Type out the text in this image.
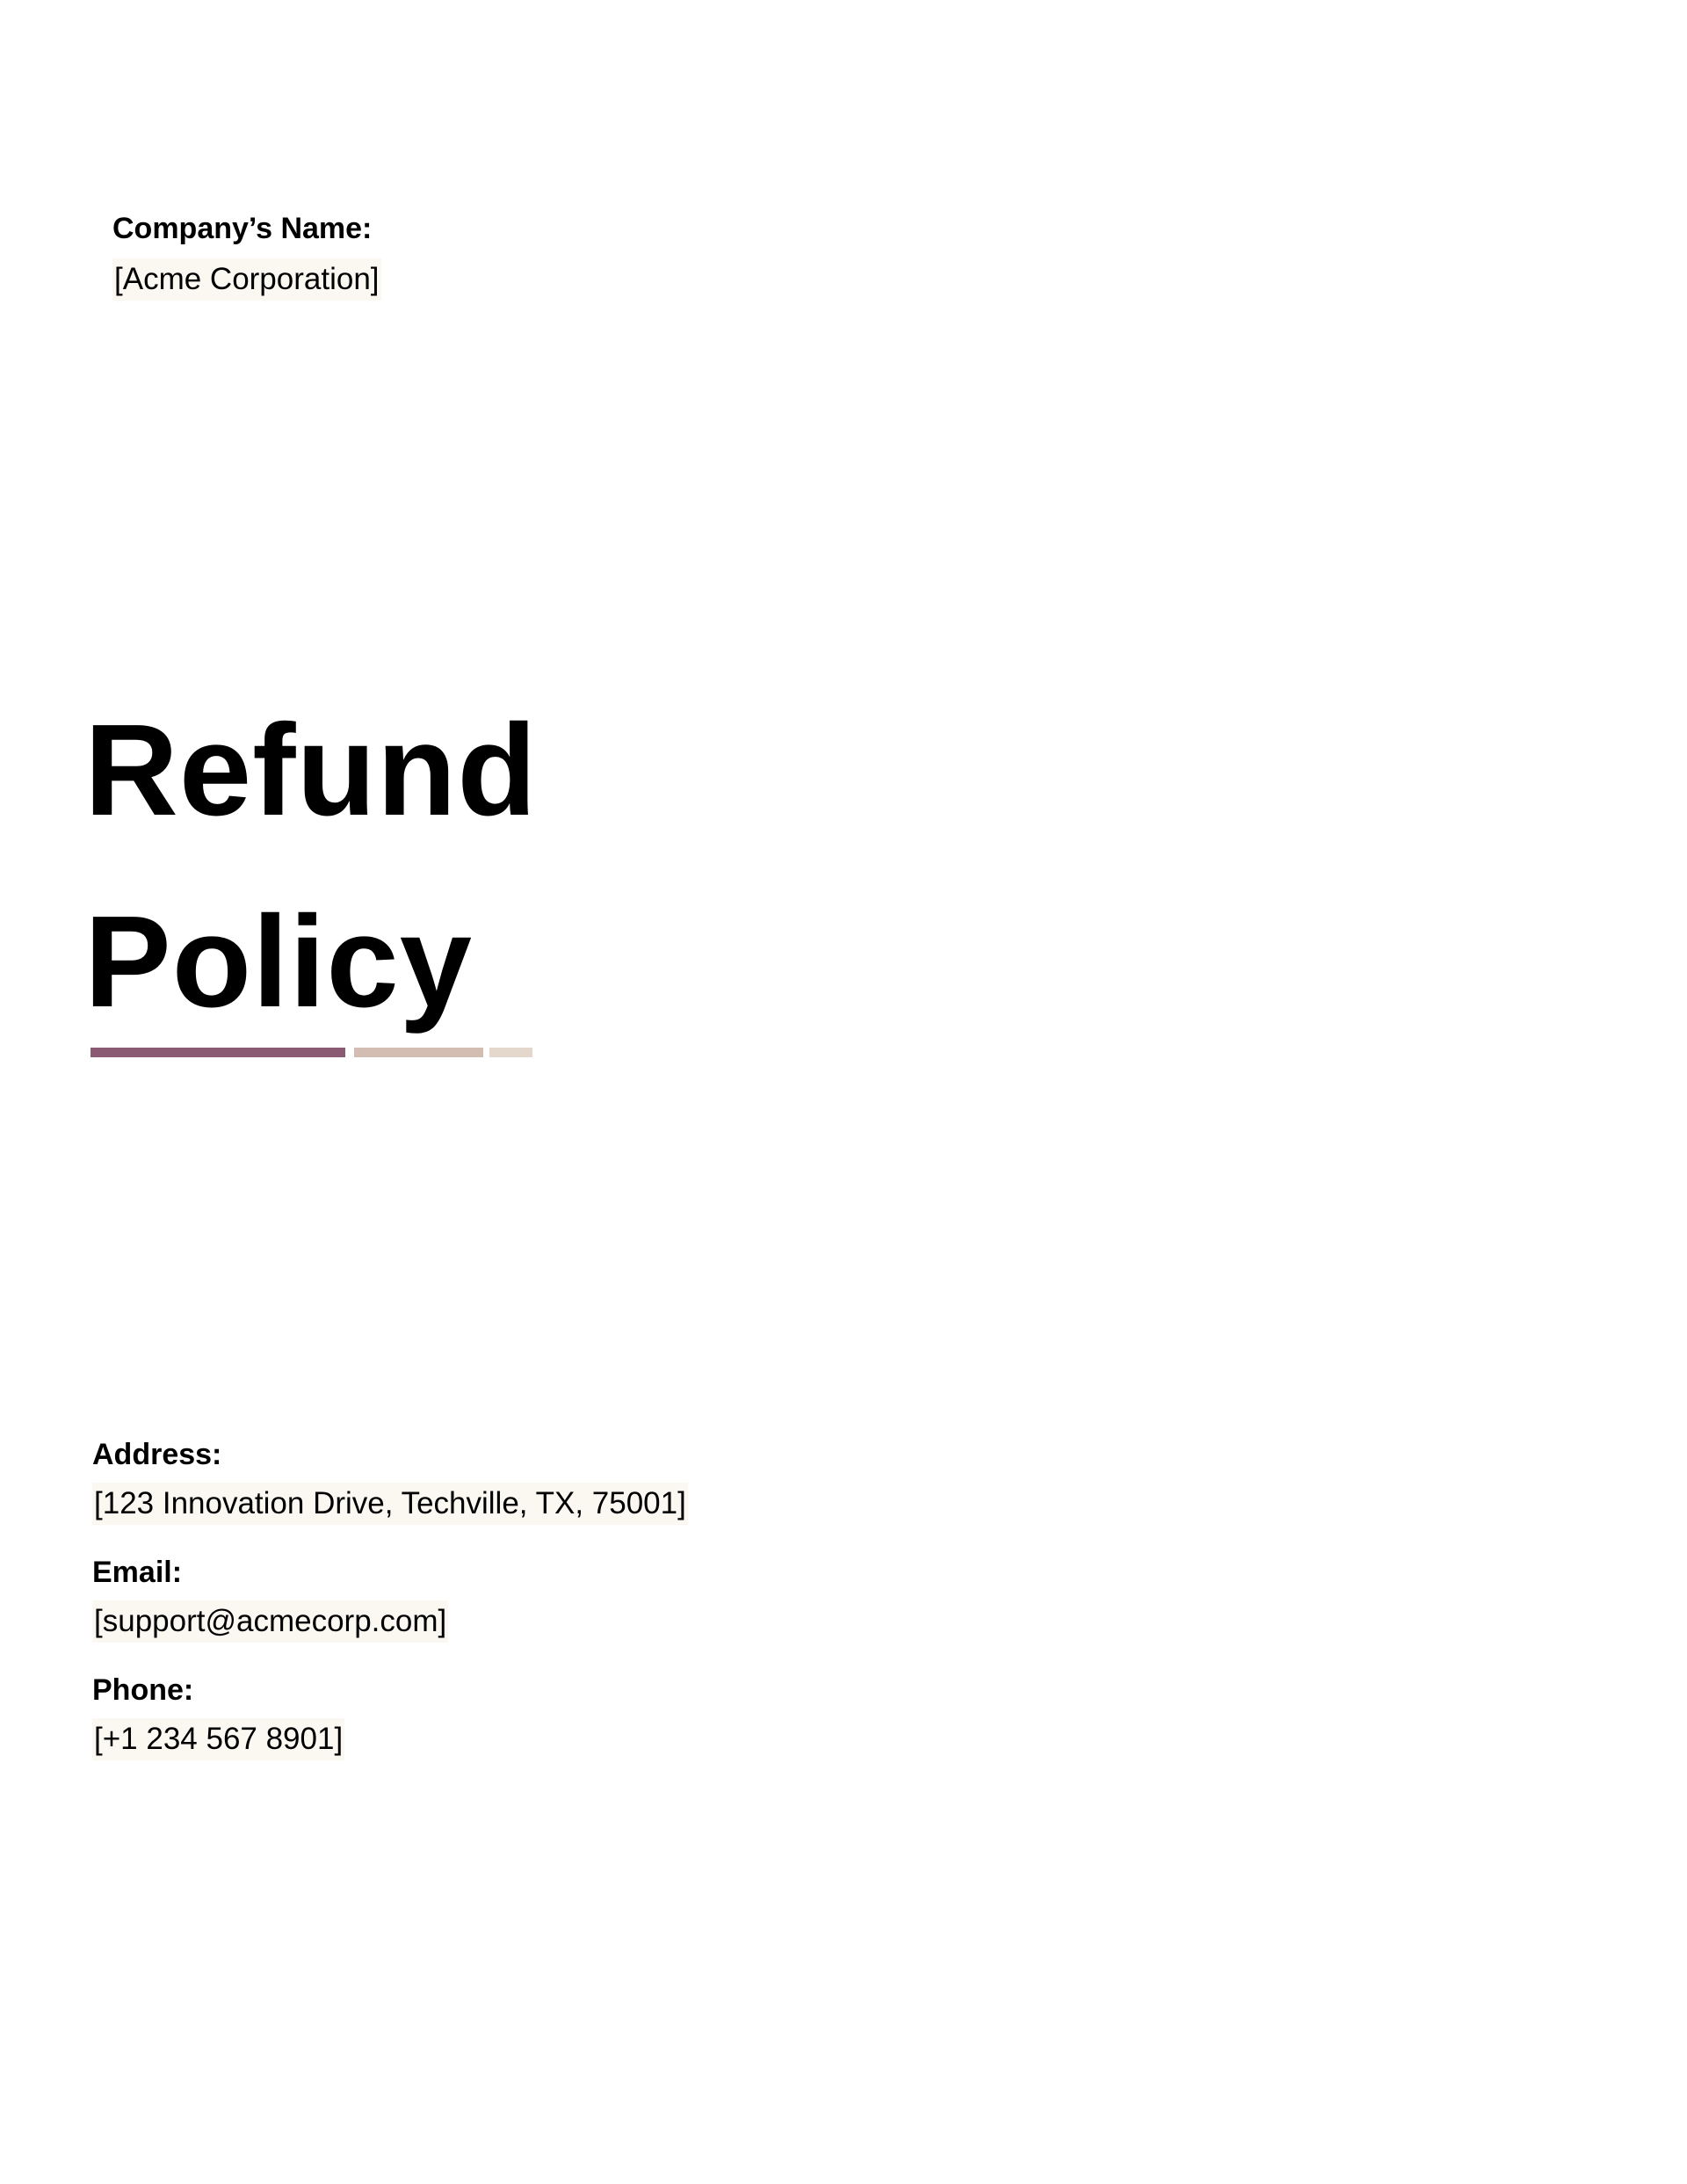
Company’s Name:

[Acme Corporation]
Refund
Policy

Address:

[123 Innovation Drive, Techville, TX, 75001]

Email:

[support@acmecorp.com]

Phone:

[+1 234 567 8901]
